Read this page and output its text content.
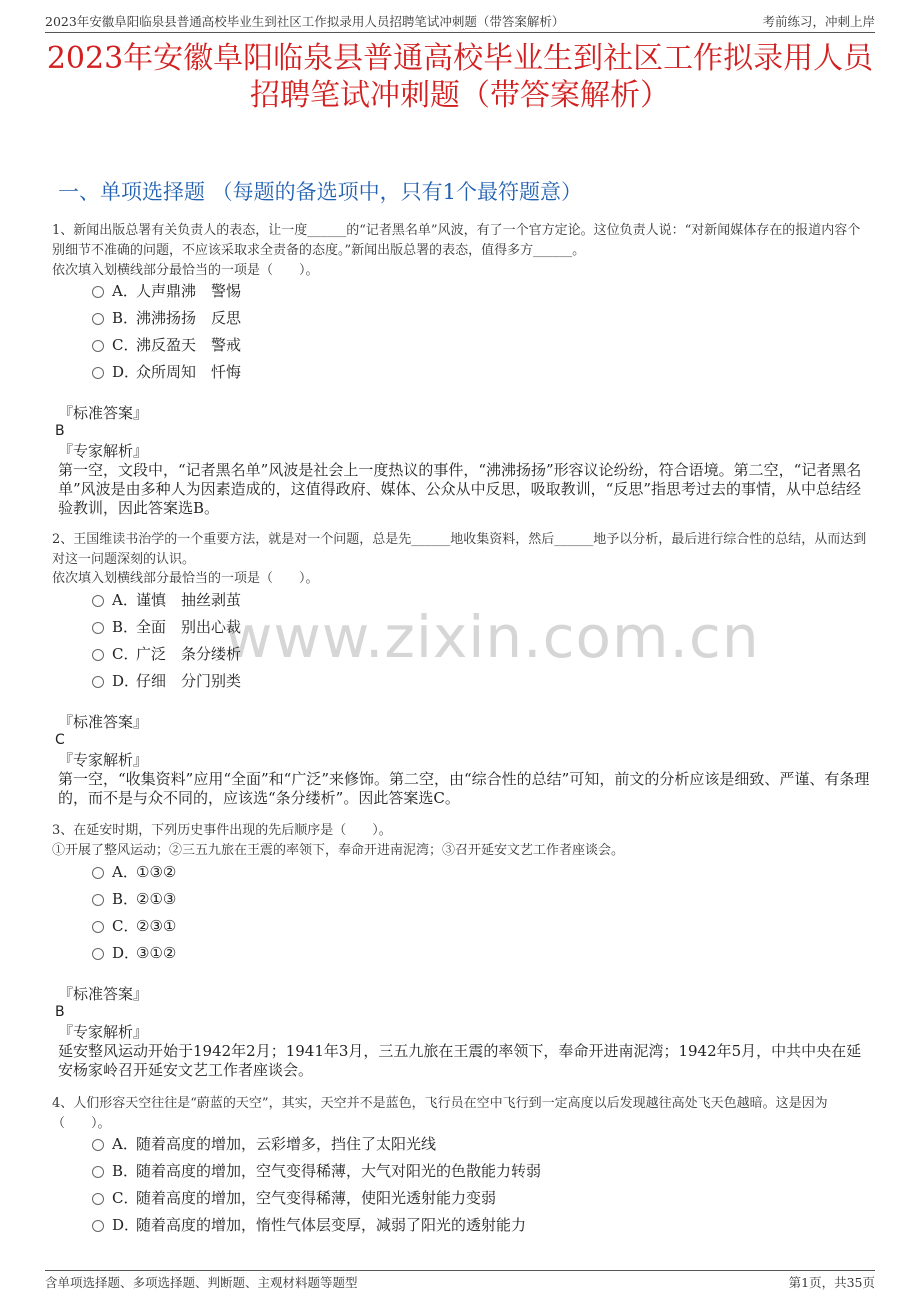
2023年安徽阜阳临泉县普通高校毕业生到社区工作拟录用人员招聘笔试冲刺题（带答案解析）	考前练习，冲刺上岸
2023年安徽阜阳临泉县普通高校毕业生到社区工作拟录用人员
招聘笔试冲刺题（带答案解析）
一、单项选择题 （每题的备选项中，只有1个最符题意）
www.zixin.com.cn
1、新闻出版总署有关负责人的表态，让一度______的“记者黑名单”风波，有了一个官方定论。这位负责人说：“对新闻媒体存在的报道内容个别细节不准确的问题，不应该采取求全责备的态度。”新闻出版总署的表态，值得多方______。
依次填入划横线部分最恰当的一项是（　　）。
A．人声鼎沸　警惕
B．沸沸扬扬　反思
C．沸反盈天　警戒
D．众所周知　忏悔
『标准答案』
B
『专家解析』
第一空，文段中，“记者黑名单”风波是社会上一度热议的事件，“沸沸扬扬”形容议论纷纷，符合语境。第二空，“记者黑名单”风波是由多种人为因素造成的，这值得政府、媒体、公众从中反思，吸取教训，“反思”指思考过去的事情，从中总结经验教训，因此答案选B。
2、王国维读书治学的一个重要方法，就是对一个问题，总是先______地收集资料，然后______地予以分析，最后进行综合性的总结，从而达到对这一问题深刻的认识。
依次填入划横线部分最恰当的一项是（　　）。
A．谨慎　抽丝剥茧
B．全面　别出心裁
C．广泛　条分缕析
D．仔细　分门别类
『标准答案』
C
『专家解析』
第一空，“收集资料”应用“全面”和“广泛”来修饰。第二空，由“综合性的总结”可知，前文的分析应该是细致、严谨、有条理的，而不是与众不同的，应该选“条分缕析”。因此答案选C。
3、在延安时期，下列历史事件出现的先后顺序是（　　）。
①开展了整风运动；②三五九旅在王震的率领下，奉命开进南泥湾；③召开延安文艺工作者座谈会。
A．①③②
B．②①③
C．②③①
D．③①②
『标准答案』
B
『专家解析』
延安整风运动开始于1942年2月；1941年3月，三五九旅在王震的率领下，奉命开进南泥湾；1942年5月，中共中央在延安杨家岭召开延安文艺工作者座谈会。
4、人们形容天空往往是“蔚蓝的天空”，其实，天空并不是蓝色，飞行员在空中飞行到一定高度以后发现越往高处飞天色越暗。这是因为（　　）。
A．随着高度的增加，云彩增多，挡住了太阳光线
B．随着高度的增加，空气变得稀薄，大气对阳光的色散能力转弱
C．随着高度的增加，空气变得稀薄，使阳光透射能力变弱
D．随着高度的增加，惰性气体层变厚，减弱了阳光的透射能力
含单项选择题、多项选择题、判断题、主观材料题等题型	第1页，共35页
